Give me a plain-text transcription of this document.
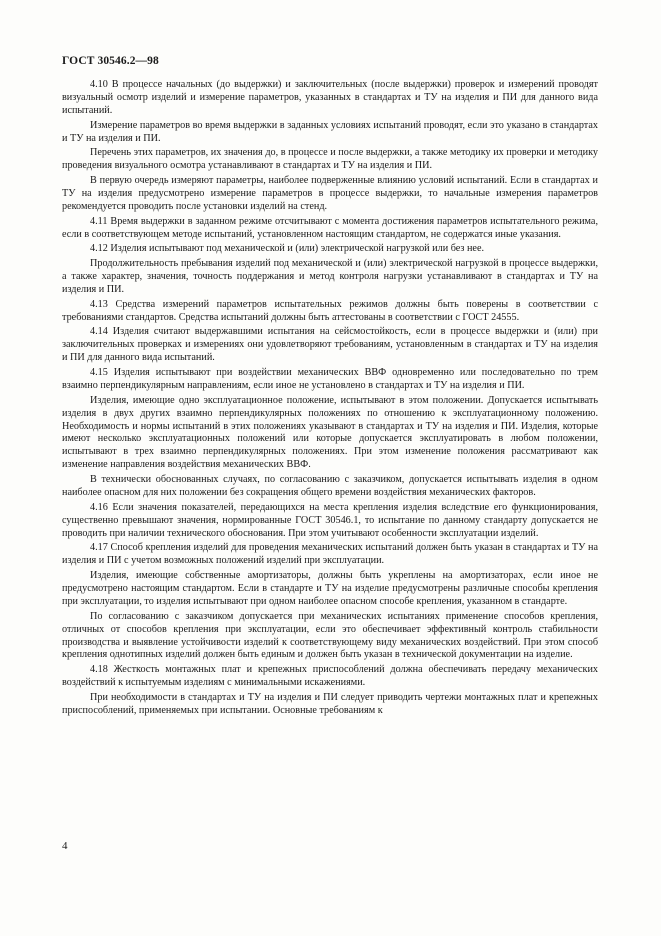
ГОСТ 30546.2—98

4.10 В процессе начальных (до выдержки) и заключительных (после выдержки) проверок и измерений проводят визуальный осмотр изделий и измерение параметров, указанных в стандартах и ТУ на изделия и ПИ для данного вида испытаний.

Измерение параметров во время выдержки в заданных условиях испытаний проводят, если это указано в стандартах и ТУ на изделия и ПИ.

Перечень этих параметров, их значения до, в процессе и после выдержки, а также методику их проверки и методику проведения визуального осмотра устанавливают в стандартах и ТУ на изделия и ПИ.

В первую очередь измеряют параметры, наиболее подверженные влиянию условий испытаний. Если в стандартах и ТУ на изделия предусмотрено измерение параметров в процессе выдержки, то начальные измерения параметров рекомендуется проводить после установки изделий на стенд.

4.11 Время выдержки в заданном режиме отсчитывают с момента достижения параметров испытательного режима, если в соответствующем методе испытаний, установленном настоящим стандартом, не содержатся иные указания.

4.12 Изделия испытывают под механической и (или) электрической нагрузкой или без нее.

Продолжительность пребывания изделий под механической и (или) электрической нагрузкой в процессе выдержки, а также характер, значения, точность поддержания и метод контроля нагрузки устанавливают в стандартах и ТУ на изделия и ПИ.

4.13 Средства измерений параметров испытательных режимов должны быть поверены в соответствии с требованиями стандартов. Средства испытаний должны быть аттестованы в соответствии с ГОСТ 24555.

4.14 Изделия считают выдержавшими испытания на сейсмостойкость, если в процессе выдержки и (или) при заключительных проверках и измерениях они удовлетворяют требованиям, установленным в стандартах и ТУ на изделия и ПИ для данного вида испытаний.

4.15 Изделия испытывают при воздействии механических ВВФ одновременно или последовательно по трем взаимно перпендикулярным направлениям, если иное не установлено в стандартах и ТУ на изделия и ПИ.

Изделия, имеющие одно эксплуатационное положение, испытывают в этом положении. Допускается испытывать изделия в двух других взаимно перпендикулярных положениях по отношению к эксплуатационному положению. Необходимость и нормы испытаний в этих положениях указывают в стандартах и ТУ на изделия и ПИ. Изделия, которые имеют несколько эксплуатационных положений или которые допускается эксплуатировать в любом положении, испытывают в трех взаимно перпендикулярных положениях. При этом изменение положения рассматривают как изменение направления воздействия механических ВВФ.

В технически обоснованных случаях, по согласованию с заказчиком, допускается испытывать изделия в одном наиболее опасном для них положении без сокращения общего времени воздействия механических факторов.

4.16 Если значения показателей, передающихся на места крепления изделия вследствие его функционирования, существенно превышают значения, нормированные ГОСТ 30546.1, то испытание по данному стандарту допускается не проводить при наличии технического обоснования. При этом учитывают особенности эксплуатации изделий.

4.17 Способ крепления изделий для проведения механических испытаний должен быть указан в стандартах и ТУ на изделия и ПИ с учетом возможных положений изделий при эксплуатации.

Изделия, имеющие собственные амортизаторы, должны быть укреплены на амортизаторах, если иное не предусмотрено настоящим стандартом. Если в стандарте и ТУ на изделие предусмотрены различные способы крепления при эксплуатации, то изделия испытывают при одном наиболее опасном способе крепления, указанном в стандарте.

По согласованию с заказчиком допускается при механических испытаниях применение способов крепления, отличных от способов крепления при эксплуатации, если это обеспечивает эффективный контроль стабильности производства и выявление устойчивости изделий к соответствующему виду механических воздействий. При этом способ крепления однотипных изделий должен быть единым и должен быть указан в технической документации на изделие.

4.18 Жесткость монтажных плат и крепежных приспособлений должна обеспечивать передачу механических воздействий к испытуемым изделиям с минимальными искажениями.

При необходимости в стандартах и ТУ на изделия и ПИ следует приводить чертежи монтажных плат и крепежных приспособлений, применяемых при испытании. Основные требованиям к

4
